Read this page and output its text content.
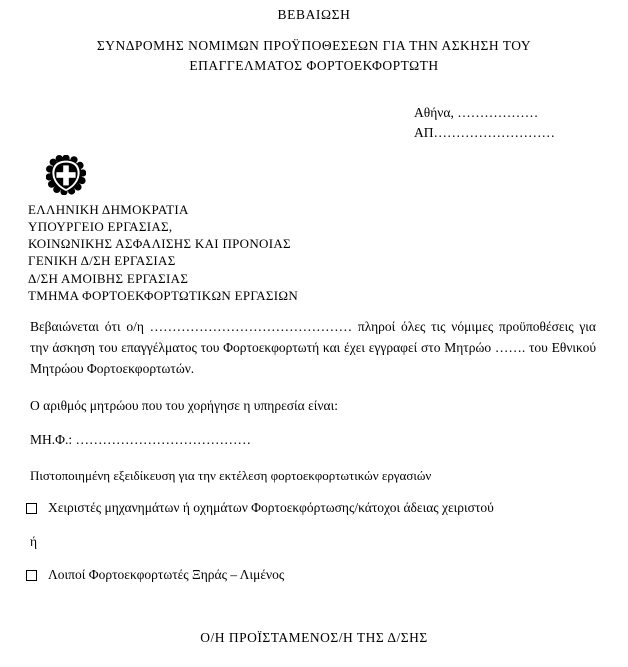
ΒΕΒΑΙΩΣΗ
ΣΥΝΔΡΟΜΗΣ ΝΟΜΙΜΩΝ ΠΡΟΫΠΟΘΕΣΕΩΝ ΓΙΑ ΤΗΝ ΑΣΚΗΣΗ ΤΟΥ
ΕΠΑΓΓΕΛΜΑΤΟΣ ΦΟΡΤΟΕΚΦΟΡΤΩΤΗ
Αθήνα, ………………
ΑΠ………………………
ΕΛΛΗΝΙΚΗ ΔΗΜΟΚΡΑΤΙΑ
ΥΠΟΥΡΓΕΙΟ ΕΡΓΑΣΙΑΣ,
ΚΟΙΝΩΝΙΚΗΣ ΑΣΦΑΛΙΣΗΣ ΚΑΙ ΠΡΟΝΟΙΑΣ
ΓΕΝΙΚΗ Δ/ΣΗ ΕΡΓΑΣΙΑΣ
Δ/ΣΗ ΑΜΟΙΒΗΣ ΕΡΓΑΣΙΑΣ
ΤΜΗΜΑ ΦΟΡΤΟΕΚΦΟΡΤΩΤΙΚΩΝ ΕΡΓΑΣΙΩΝ
Βεβαιώνεται ότι ο/η ……………………………………… πληροί όλες τις νόμιμες προϋποθέσεις για την άσκηση του επαγγέλματος του Φορτοεκφορτωτή και έχει εγγραφεί στο Μητρώο ……. του Εθνικού Μητρώου Φορτοεκφορτωτών.
Ο αριθμός μητρώου που του χορήγησε η υπηρεσία είναι:
ΜΗ.Φ.: …………………………………
Πιστοποιημένη εξειδίκευση για την εκτέλεση φορτοεκφορτωτικών εργασιών
Χειριστές μηχανημάτων ή οχημάτων Φορτοεκφόρτωσης/κάτοχοι άδειας χειριστού
ή
Λοιποί Φορτοεκφορτωτές Ξηράς – Λιμένος
Ο/Η ΠΡΟΪΣΤΑΜΕΝΟΣ/Η ΤΗΣ Δ/ΣΗΣ
